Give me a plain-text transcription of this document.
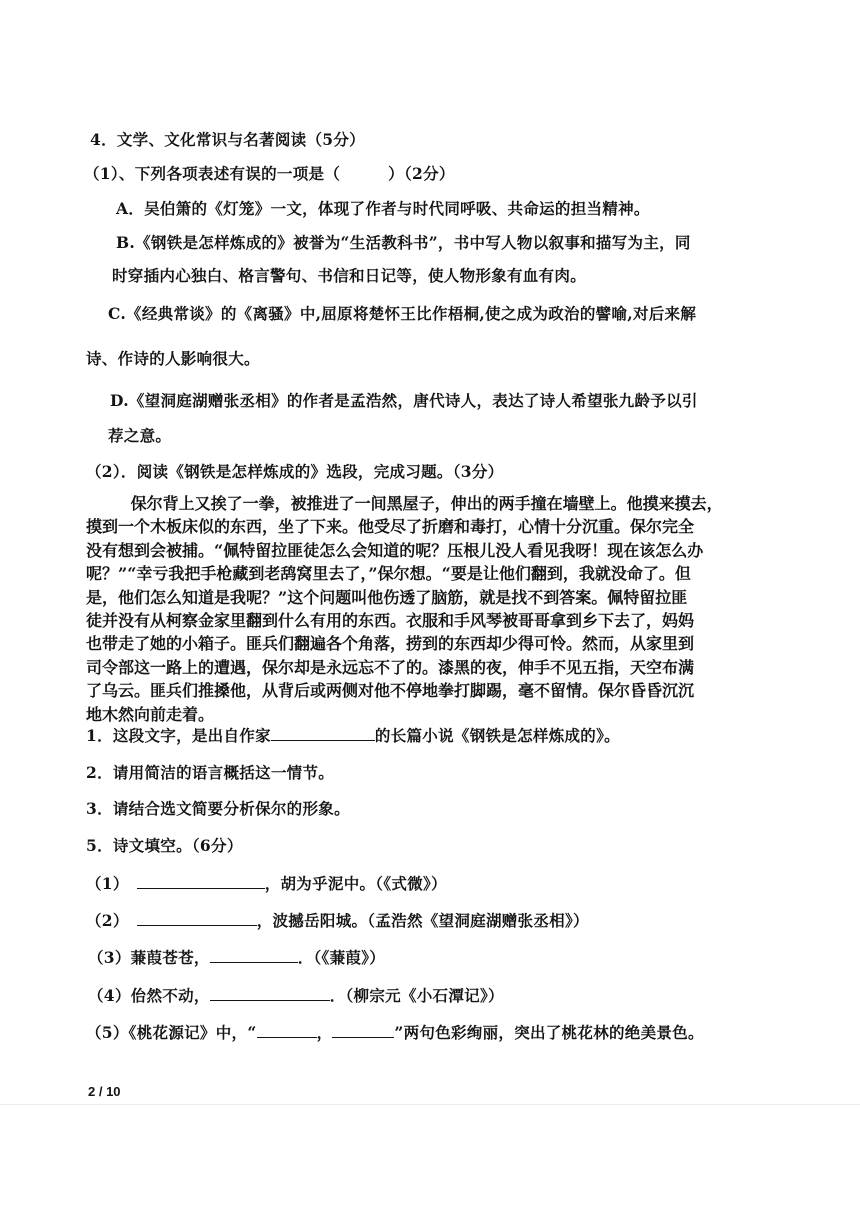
4．文学、文化常识与名著阅读（5分）
（1）、下列各项表述有误的一项是（	）（2分）
A．吴伯箫的《灯笼》一文，体现了作者与时代同呼吸、共命运的担当精神。
B.《钢铁是怎样炼成的》被誉为“生活教科书”，书中写人物以叙事和描写为主，同
时穿插内心独白、格言警句、书信和日记等，使人物形象有血有肉。
C.《经典常谈》的《离骚》中,屈原将楚怀王比作梧桐,使之成为政治的譬喻,对后来解
诗、作诗的人影响很大。
D.《望洞庭湖赠张丞相》的作者是孟浩然，唐代诗人，表达了诗人希望张九龄予以引
荐之意。
（2）．阅读《钢铁是怎样炼成的》选段，完成习题。（3分）
保尔背上又挨了一拳，被推进了一间黑屋子，伸出的两手撞在墙壁上。他摸来摸去，
摸到一个木板床似的东西，坐了下来。他受尽了折磨和毒打，心情十分沉重。保尔完全
没有想到会被捕。“佩特留拉匪徒怎么会知道的呢？压根儿没人看见我呀！现在该怎么办
呢？”“幸亏我把手枪藏到老鸹窝里去了，”保尔想。“要是让他们翻到，我就没命了。但
是，他们怎么知道是我呢？”这个问题叫他伤透了脑筋，就是找不到答案。佩特留拉匪
徒并没有从柯察金家里翻到什么有用的东西。衣服和手风琴被哥哥拿到乡下去了，妈妈
也带走了她的小箱子。匪兵们翻遍各个角落，捞到的东西却少得可怜。然而，从家里到
司令部这一路上的遭遇，保尔却是永远忘不了的。漆黑的夜，伸手不见五指，天空布满
了乌云。匪兵们推搡他，从背后或两侧对他不停地拳打脚踢，毫不留情。保尔昏昏沉沉
地木然向前走着。
1．这段文字，是出自作家	的长篇小说《钢铁是怎样炼成的》。
2．请用简洁的语言概括这一情节。
3．请结合选文简要分析保尔的形象。
5．诗文填空。（6分）
（1）	，胡为乎泥中。（《式微》）
（2）	，波撼岳阳城。（孟浩然《望洞庭湖赠张丞相》）
（3）蒹葭苍苍，	．（《蒹葭》）
（4）佁然不动，	．（柳宗元《小石潭记》）
（5）《桃花源记》中，“	，	”两句色彩绚丽，突出了桃花林的绝美景色。
2 / 10
